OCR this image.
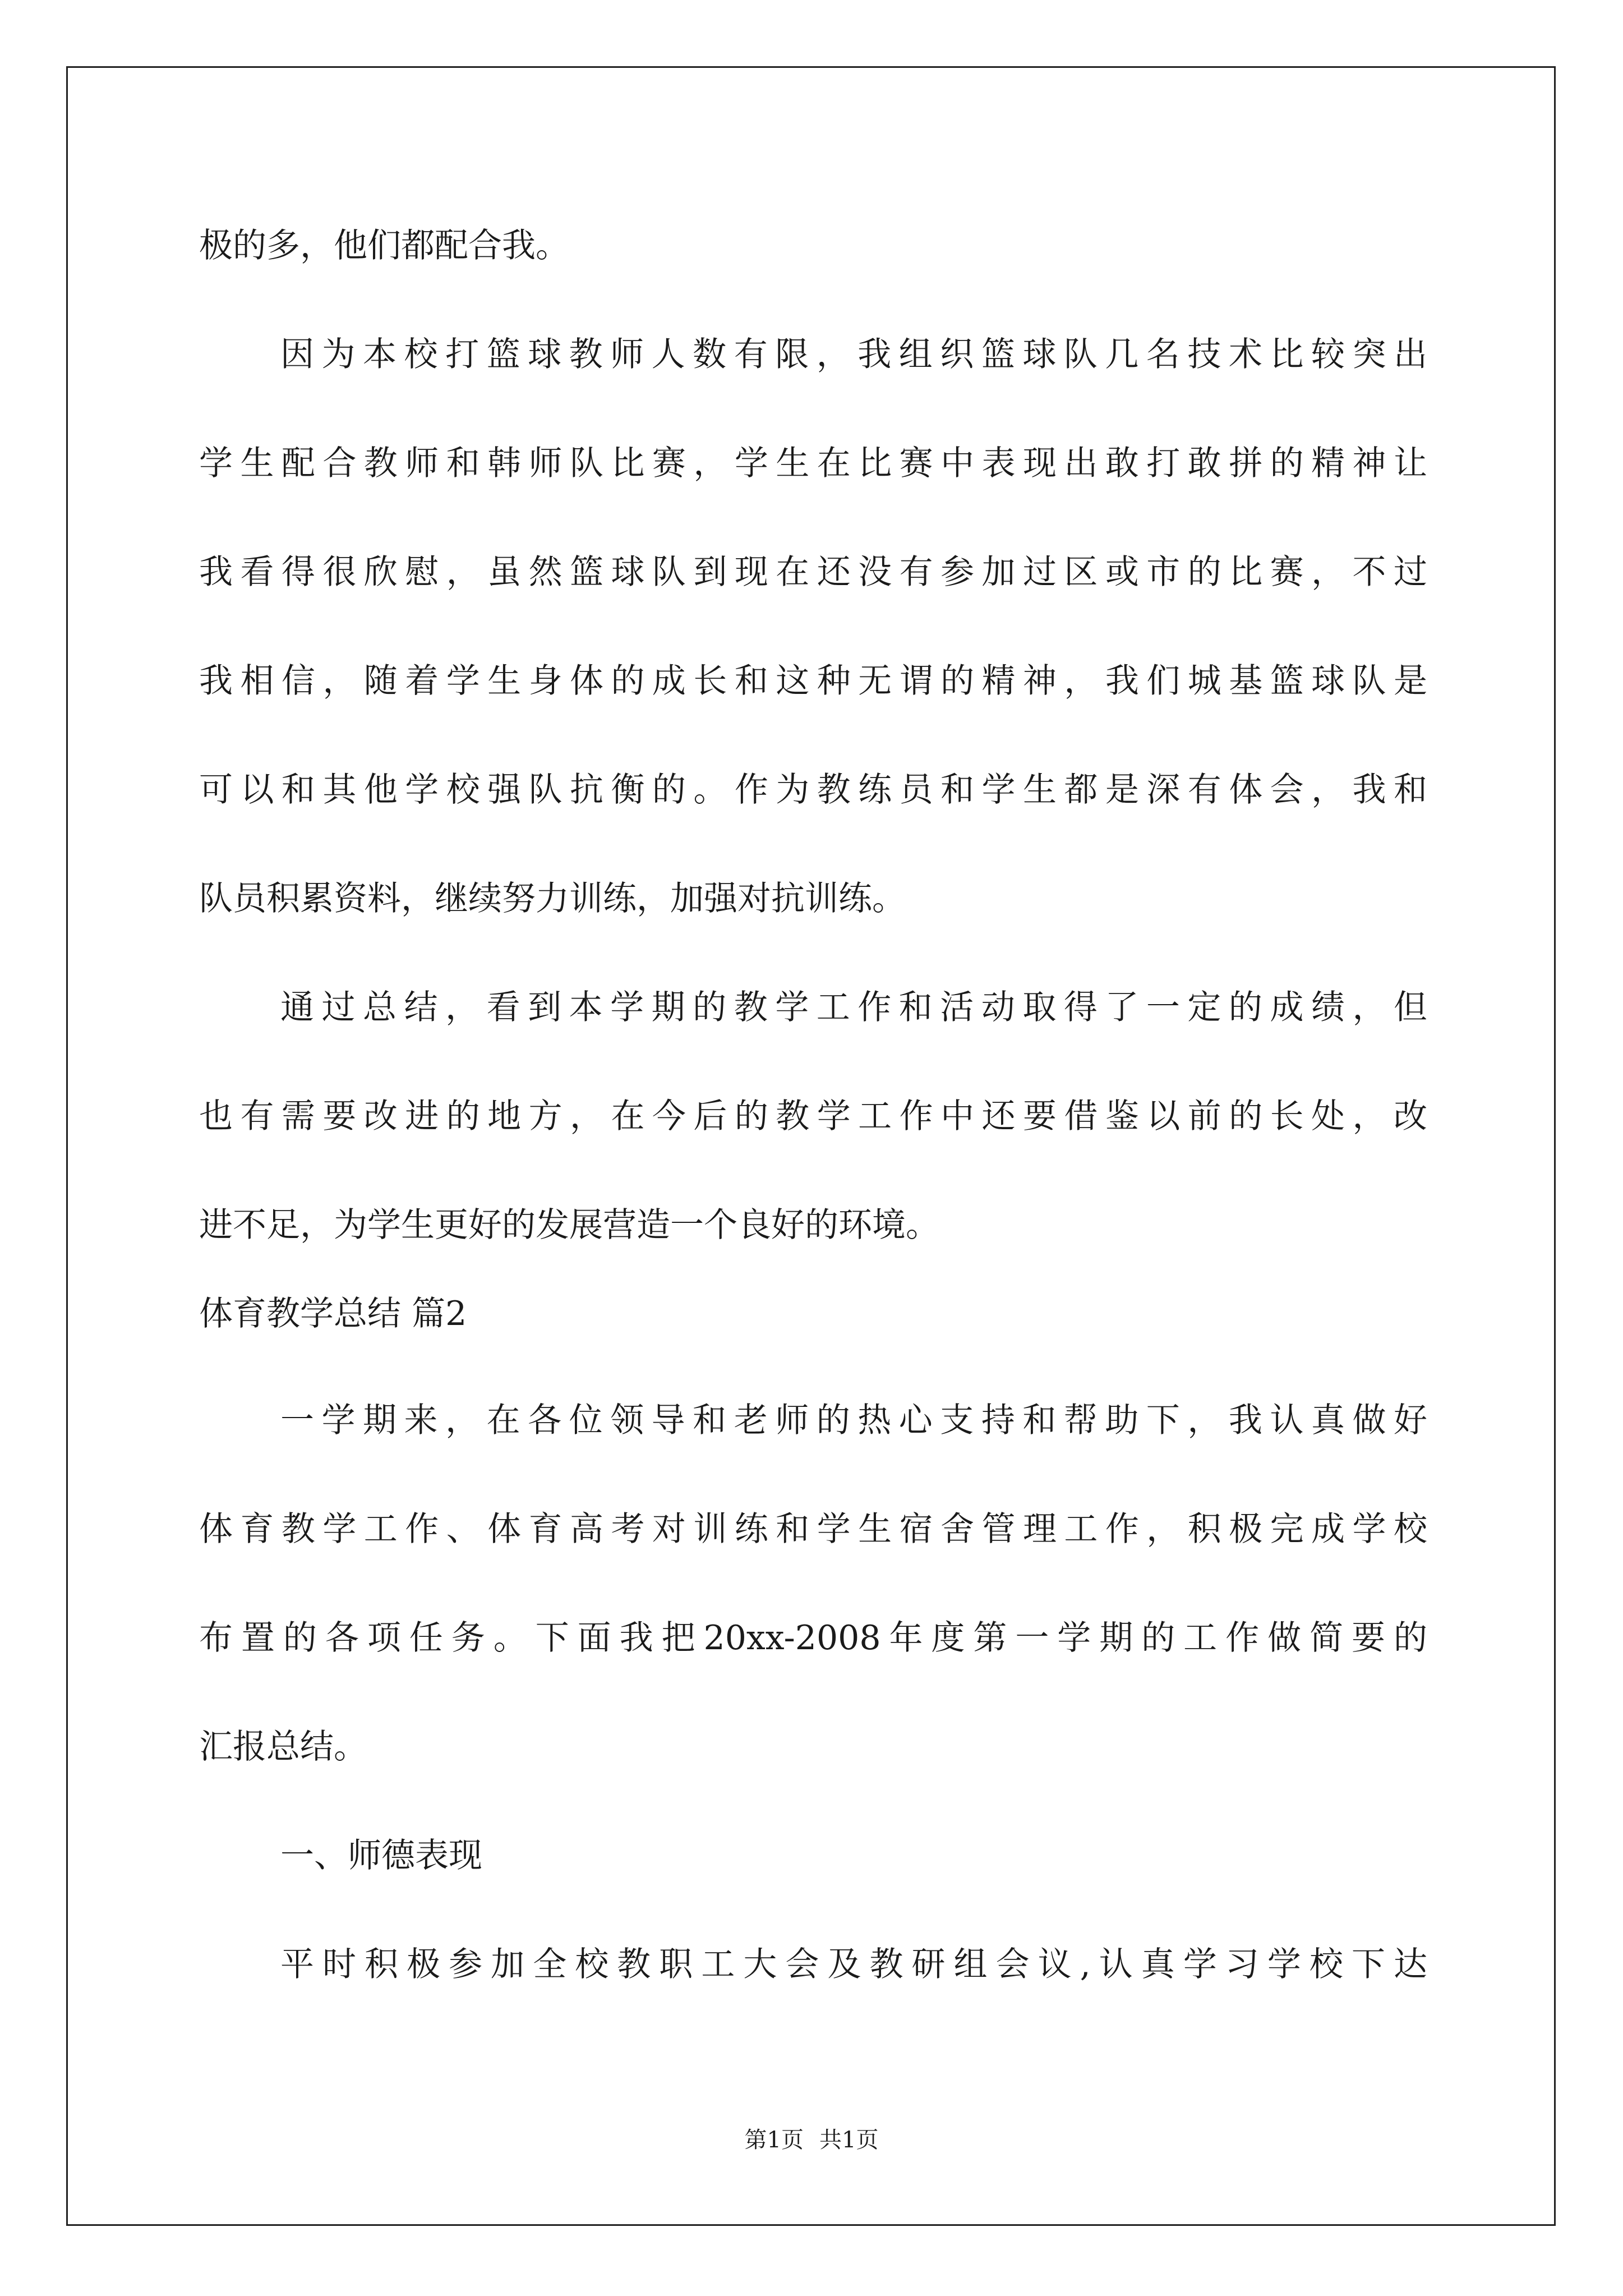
极的多，他们都配合我。
因为本校打篮球教师人数有限，我组织篮球队几名技术比较突出
学生配合教师和韩师队比赛，学生在比赛中表现出敢打敢拼的精神让
我看得很欣慰，虽然篮球队到现在还没有参加过区或市的比赛，不过
我相信，随着学生身体的成长和这种无谓的精神，我们城基篮球队是
可以和其他学校强队抗衡的。作为教练员和学生都是深有体会，我和
队员积累资料，继续努力训练，加强对抗训练。
通过总结，看到本学期的教学工作和活动取得了一定的成绩，但
也有需要改进的地方，在今后的教学工作中还要借鉴以前的长处，改
进不足，为学生更好的发展营造一个良好的环境。
体育教学总结 篇2
一学期来，在各位领导和老师的热心支持和帮助下，我认真做好
体育教学工作、体育高考对训练和学生宿舍管理工作，积极完成学校
布置的各项任务。下面我把20xx-2008年度第一学期的工作做简要的
汇报总结。
一、师德表现
平时积极参加全校教职工大会及教研组会议,认真学习学校下达
第1页 共1页
